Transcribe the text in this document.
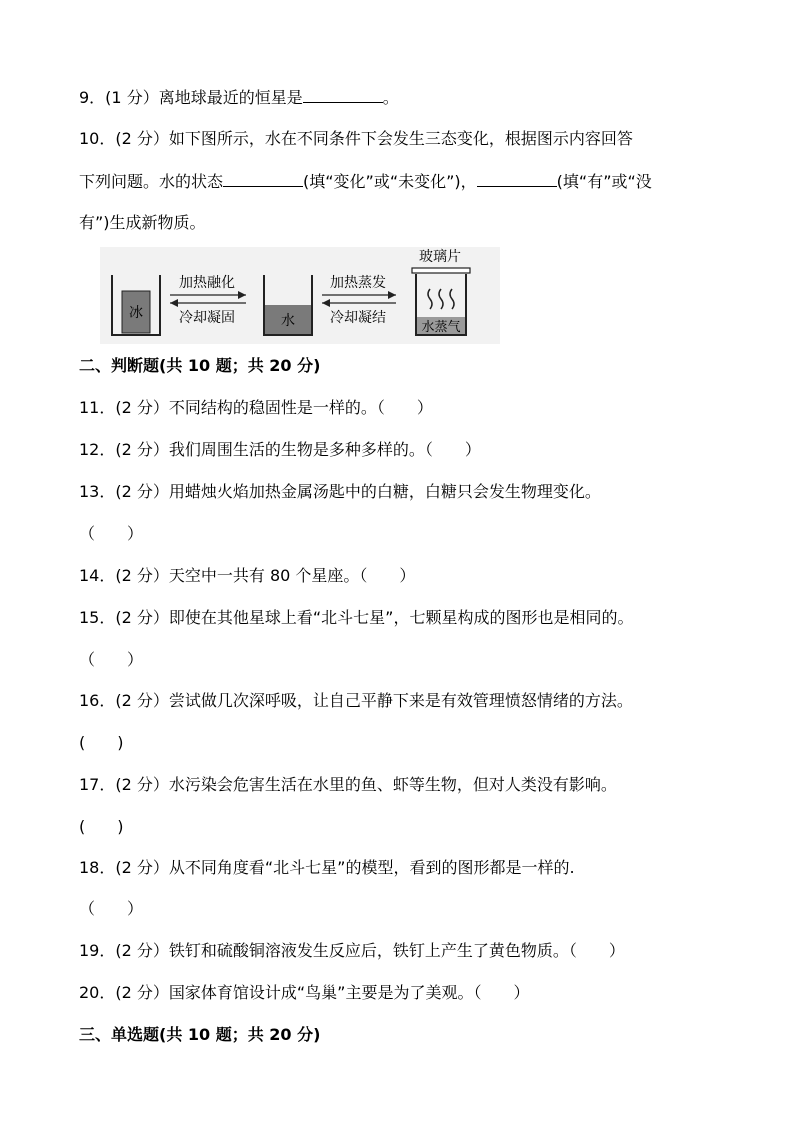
9．(1 分）离地球最近的恒星是	。
10．(2 分）如下图所示，水在不同条件下会发生三态变化，根据图示内容回答
下列问题。水的状态	(填“变化”或“未变化”)，	(填“有”或“没
有”)生成新物质。
冰
加热融化
冷却凝固	水
加热蒸发
冷却凝结
玻璃片
水蒸气
二、判断题(共 10 题；共 20 分)
11．(2 分）不同结构的稳固性是一样的。（　　）
12．(2 分）我们周围生活的生物是多种多样的。（　　）
13．(2 分）用蜡烛火焰加热金属汤匙中的白糖，白糖只会发生物理变化。
（　　）
14．(2 分）天空中一共有 80 个星座。（　　）
15．(2 分）即使在其他星球上看“北斗七星”，七颗星构成的图形也是相同的。
（　　）
16．(2 分）尝试做几次深呼吸，让自己平静下来是有效管理愤怒情绪的方法。
(　　)
17．(2 分）水污染会危害生活在水里的鱼、虾等生物，但对人类没有影响。
(　　)
18．(2 分）从不同角度看“北斗七星”的模型，看到的图形都是一样的.
（　　）
19．(2 分）铁钉和硫酸铜溶液发生反应后，铁钉上产生了黄色物质。（　　）
20．(2 分）国家体育馆设计成“鸟巢”主要是为了美观。（　　）
三、单选题(共 10 题；共 20 分)
